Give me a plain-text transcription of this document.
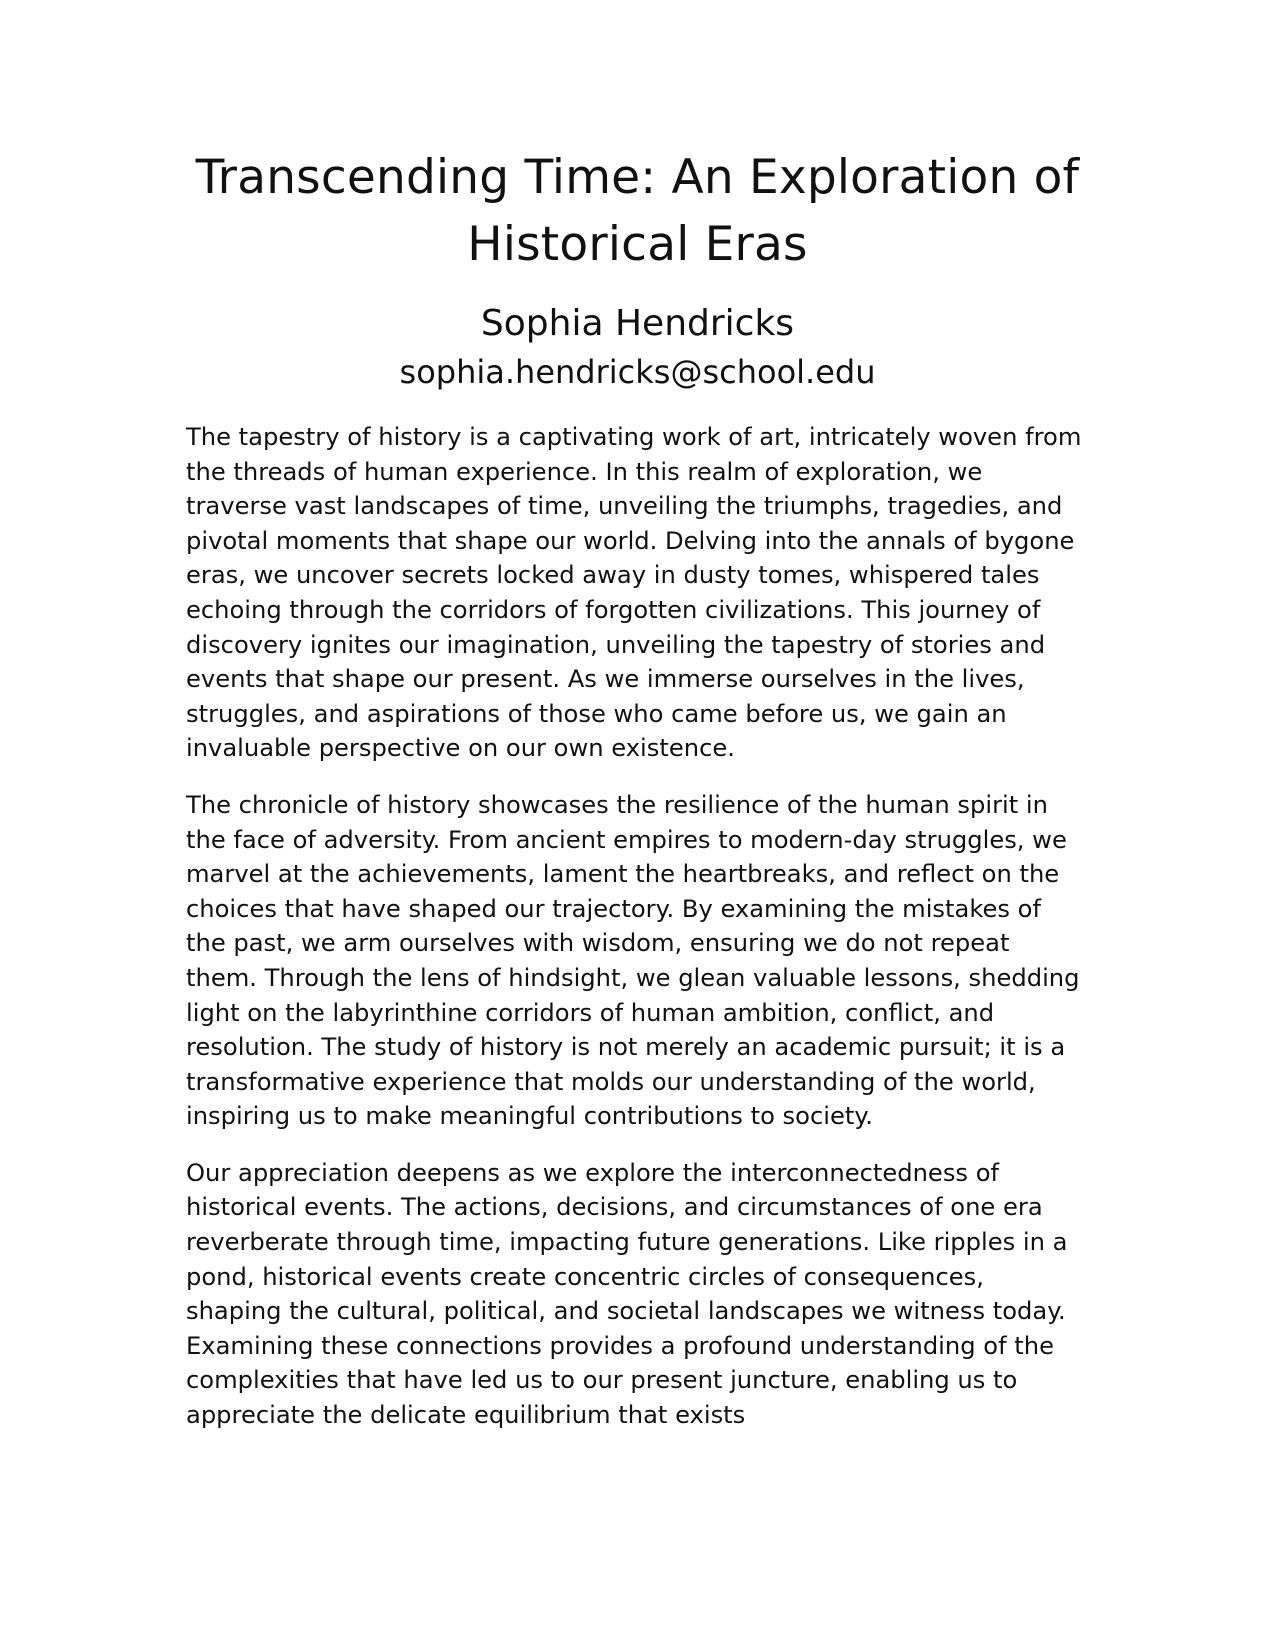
Transcending Time: An Exploration of Historical Eras
Sophia Hendricks
sophia.hendricks@school.edu

The tapestry of history is a captivating work of art, intricately woven from the threads of human experience. In this realm of exploration, we traverse vast landscapes of time, unveiling the triumphs, tragedies, and pivotal moments that shape our world. Delving into the annals of bygone eras, we uncover secrets locked away in dusty tomes, whispered tales echoing through the corridors of forgotten civilizations. This journey of discovery ignites our imagination, unveiling the tapestry of stories and events that shape our present. As we immerse ourselves in the lives, struggles, and aspirations of those who came before us, we gain an invaluable perspective on our own existence.

The chronicle of history showcases the resilience of the human spirit in the face of adversity. From ancient empires to modern-day struggles, we marvel at the achievements, lament the heartbreaks, and reflect on the choices that have shaped our trajectory. By examining the mistakes of the past, we arm ourselves with wisdom, ensuring we do not repeat them. Through the lens of hindsight, we glean valuable lessons, shedding light on the labyrinthine corridors of human ambition, conflict, and resolution. The study of history is not merely an academic pursuit; it is a transformative experience that molds our understanding of the world, inspiring us to make meaningful contributions to society.

Our appreciation deepens as we explore the interconnectedness of historical events. The actions, decisions, and circumstances of one era reverberate through time, impacting future generations. Like ripples in a pond, historical events create concentric circles of consequences, shaping the cultural, political, and societal landscapes we witness today. Examining these connections provides a profound understanding of the complexities that have led us to our present juncture, enabling us to appreciate the delicate equilibrium that exists
